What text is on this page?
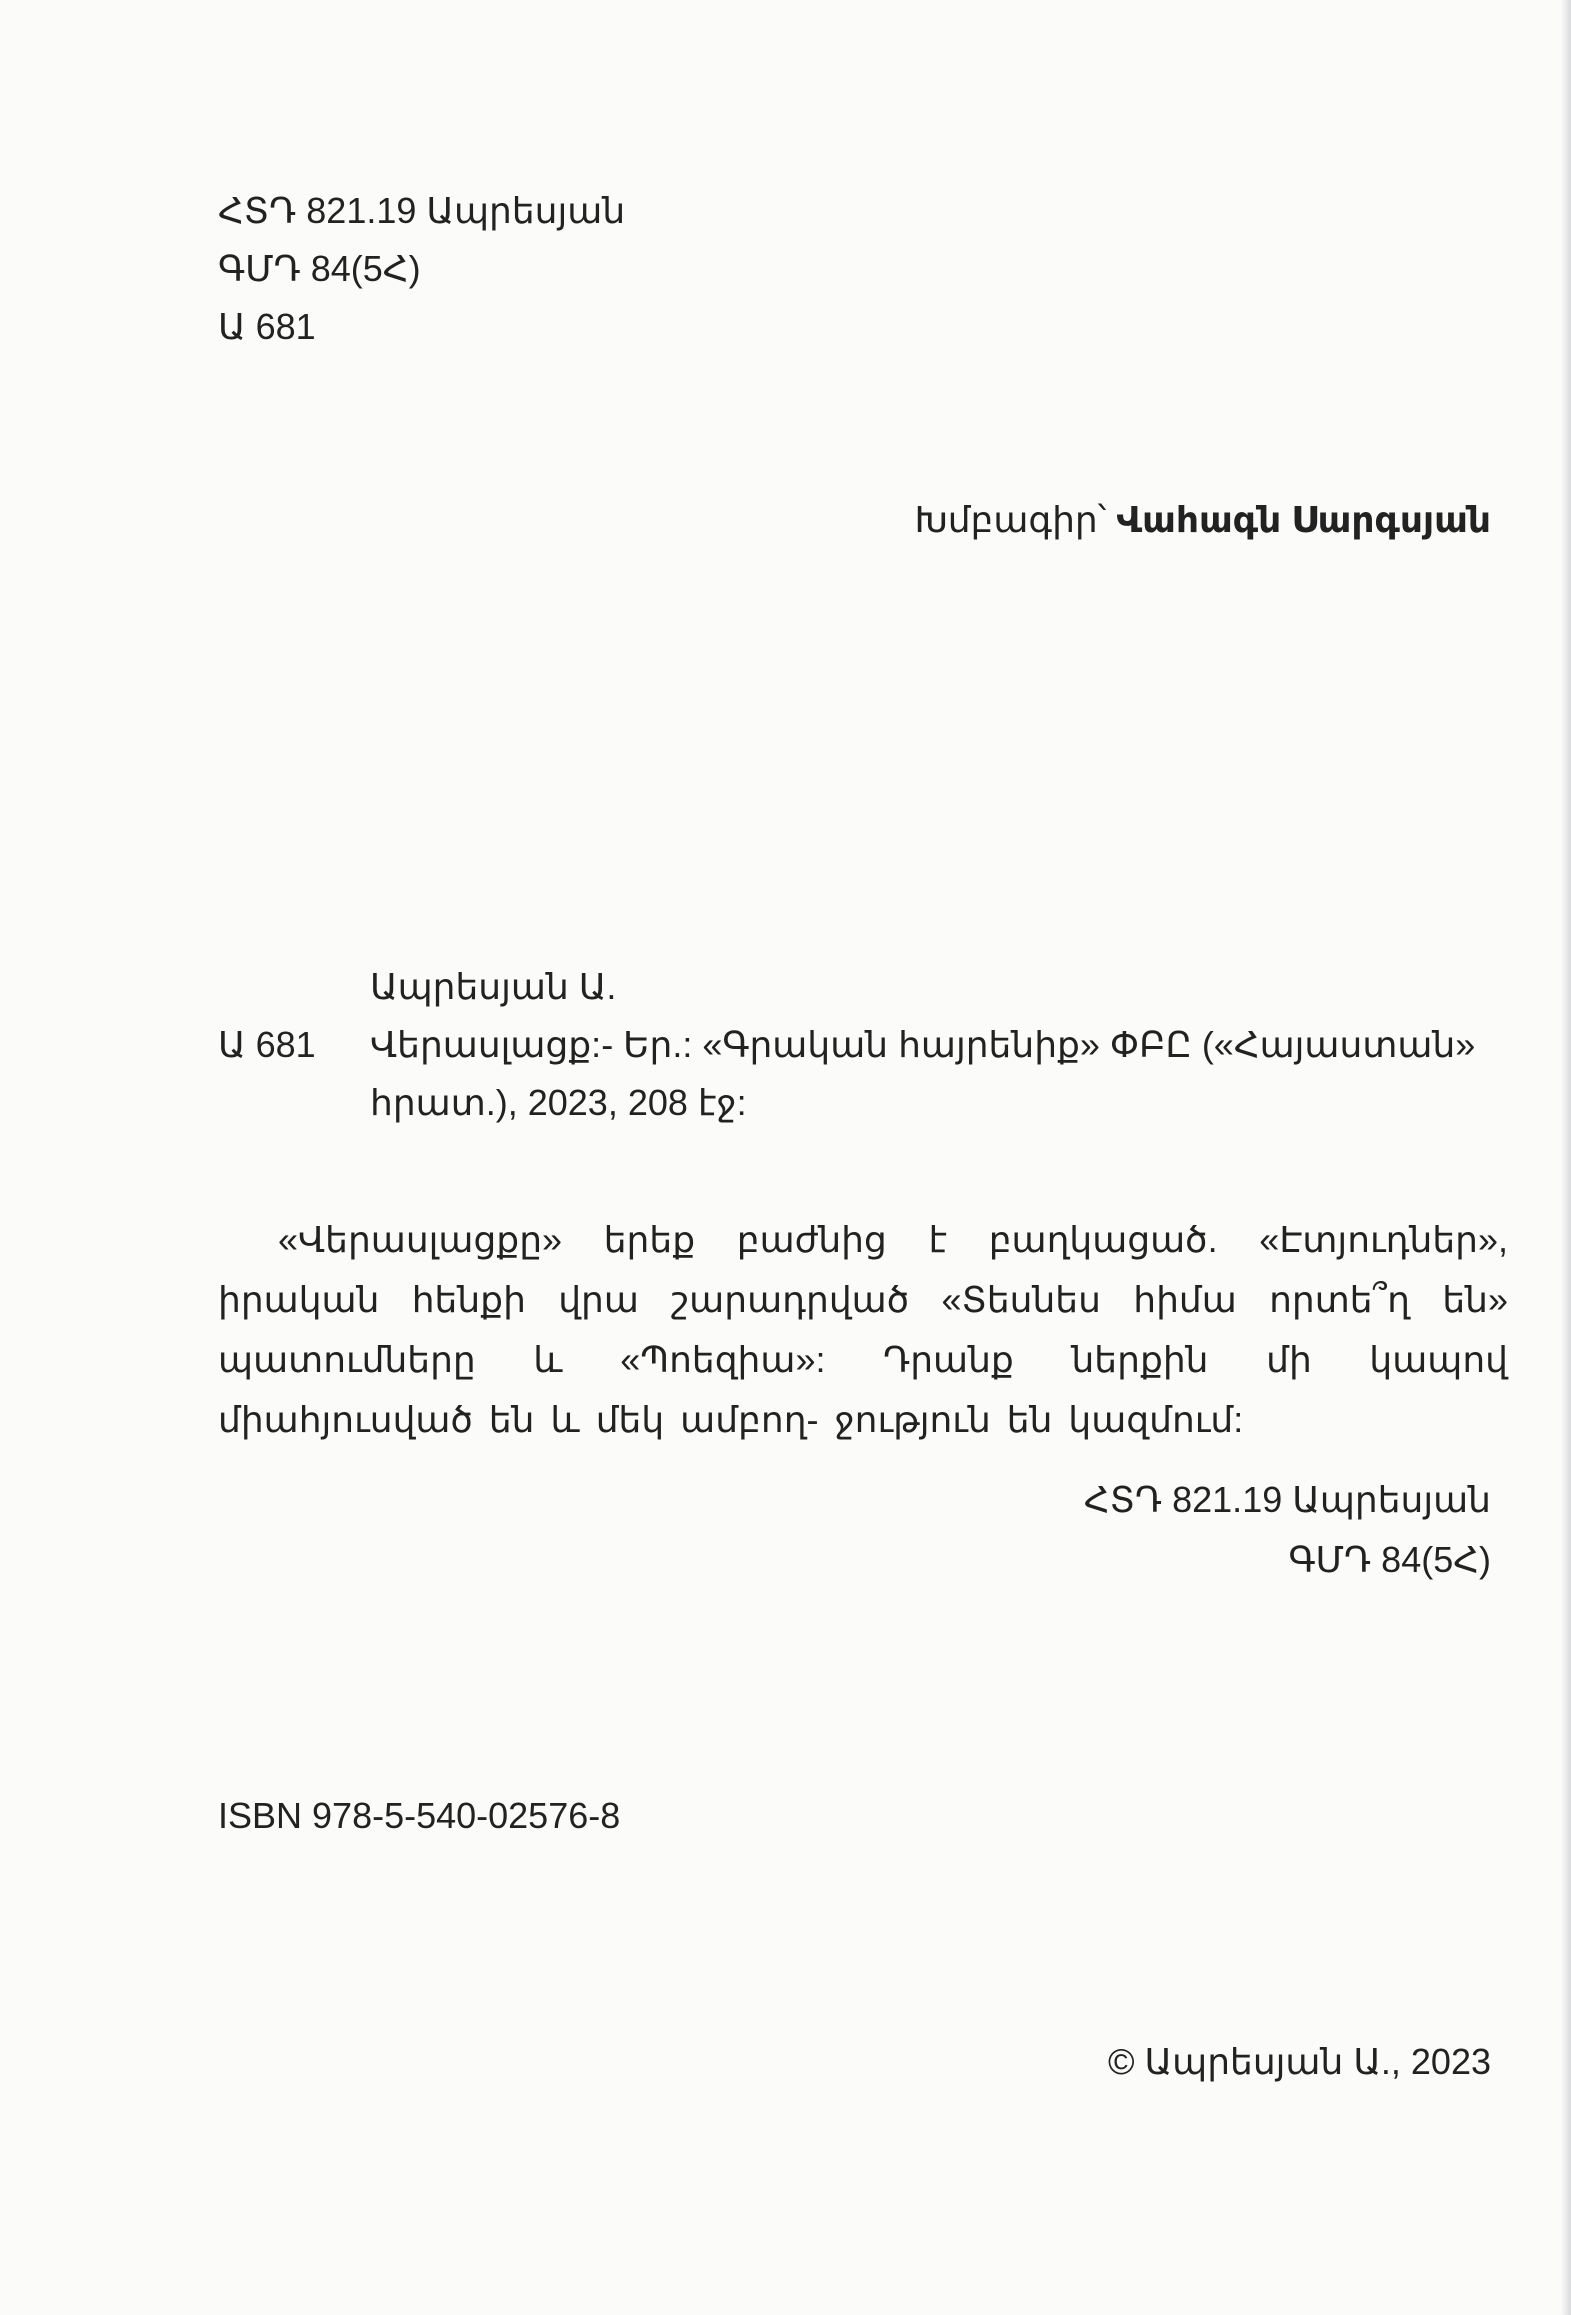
ՀՏԴ 821.19 Ապրեսյան
ԳՄԴ 84(5Հ)
Ա 681
Խմբագիր՝ Վահագն Սարգսյան
Ապրեսյան Ա.
Ա 681	Վերասլացք:- Եր.: «Գրական հայրենիք» ՓԲԸ («Հայաստան»
հրատ.), 2023, 208 էջ:

«Վերասլացքը» երեք բաժնից է բաղկացած. «Էտյուդներ», իրական հենքի վրա շարադրված «Տեսնես հիմա որտե՞ղ են» պատումները և «Պոեզիա»: Դրանք ներքին մի կապով միահյուսված են և մեկ ամբող- ջություն են կազմում:

ՀՏԴ 821.19 Ապրեսյան
ԳՄԴ 84(5Հ)
ISBN 978-5-540-02576-8
© Ապրեսյան Ա., 2023
